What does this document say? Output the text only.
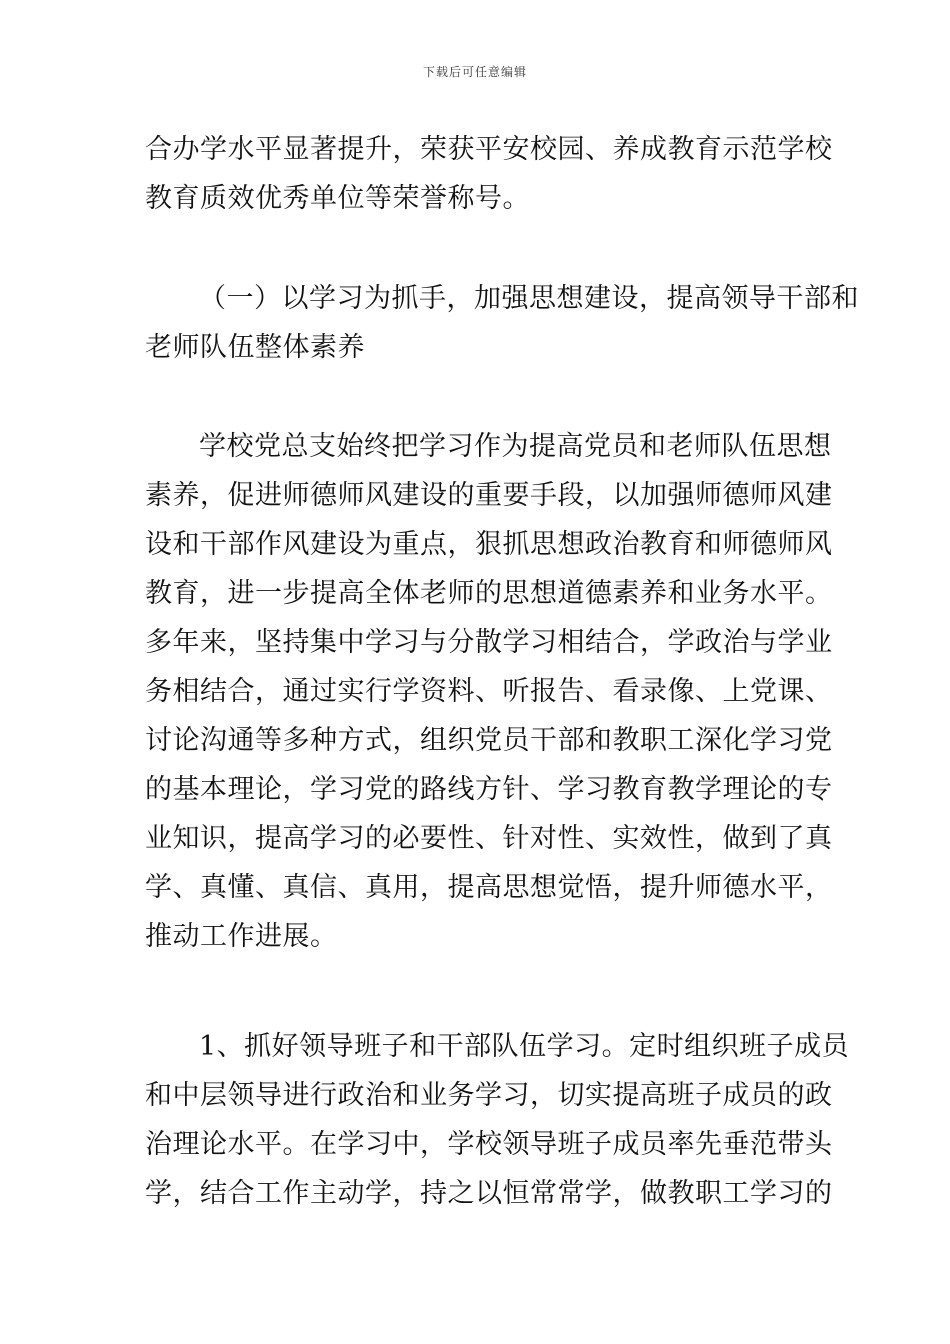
下载后可任意编辑
合办学水平显著提升，荣获平安校园、养成教育示范学校
教育质效优秀单位等荣誉称号。
（一）以学习为抓手，加强思想建设，提高领导干部和
老师队伍整体素养
学校党总支始终把学习作为提高党员和老师队伍思想
素养，促进师德师风建设的重要手段，以加强师德师风建
设和干部作风建设为重点，狠抓思想政治教育和师德师风
教育，进一步提高全体老师的思想道德素养和业务水平。
多年来，坚持集中学习与分散学习相结合，学政治与学业
务相结合，通过实行学资料、听报告、看录像、上党课、
讨论沟通等多种方式，组织党员干部和教职工深化学习党
的基本理论，学习党的路线方针、学习教育教学理论的专
业知识，提高学习的必要性、针对性、实效性，做到了真
学、真懂、真信、真用，提高思想觉悟，提升师德水平，
推动工作进展。
1、抓好领导班子和干部队伍学习。定时组织班子成员
和中层领导进行政治和业务学习，切实提高班子成员的政
治理论水平。在学习中，学校领导班子成员率先垂范带头
学，结合工作主动学，持之以恒常常学，做教职工学习的
